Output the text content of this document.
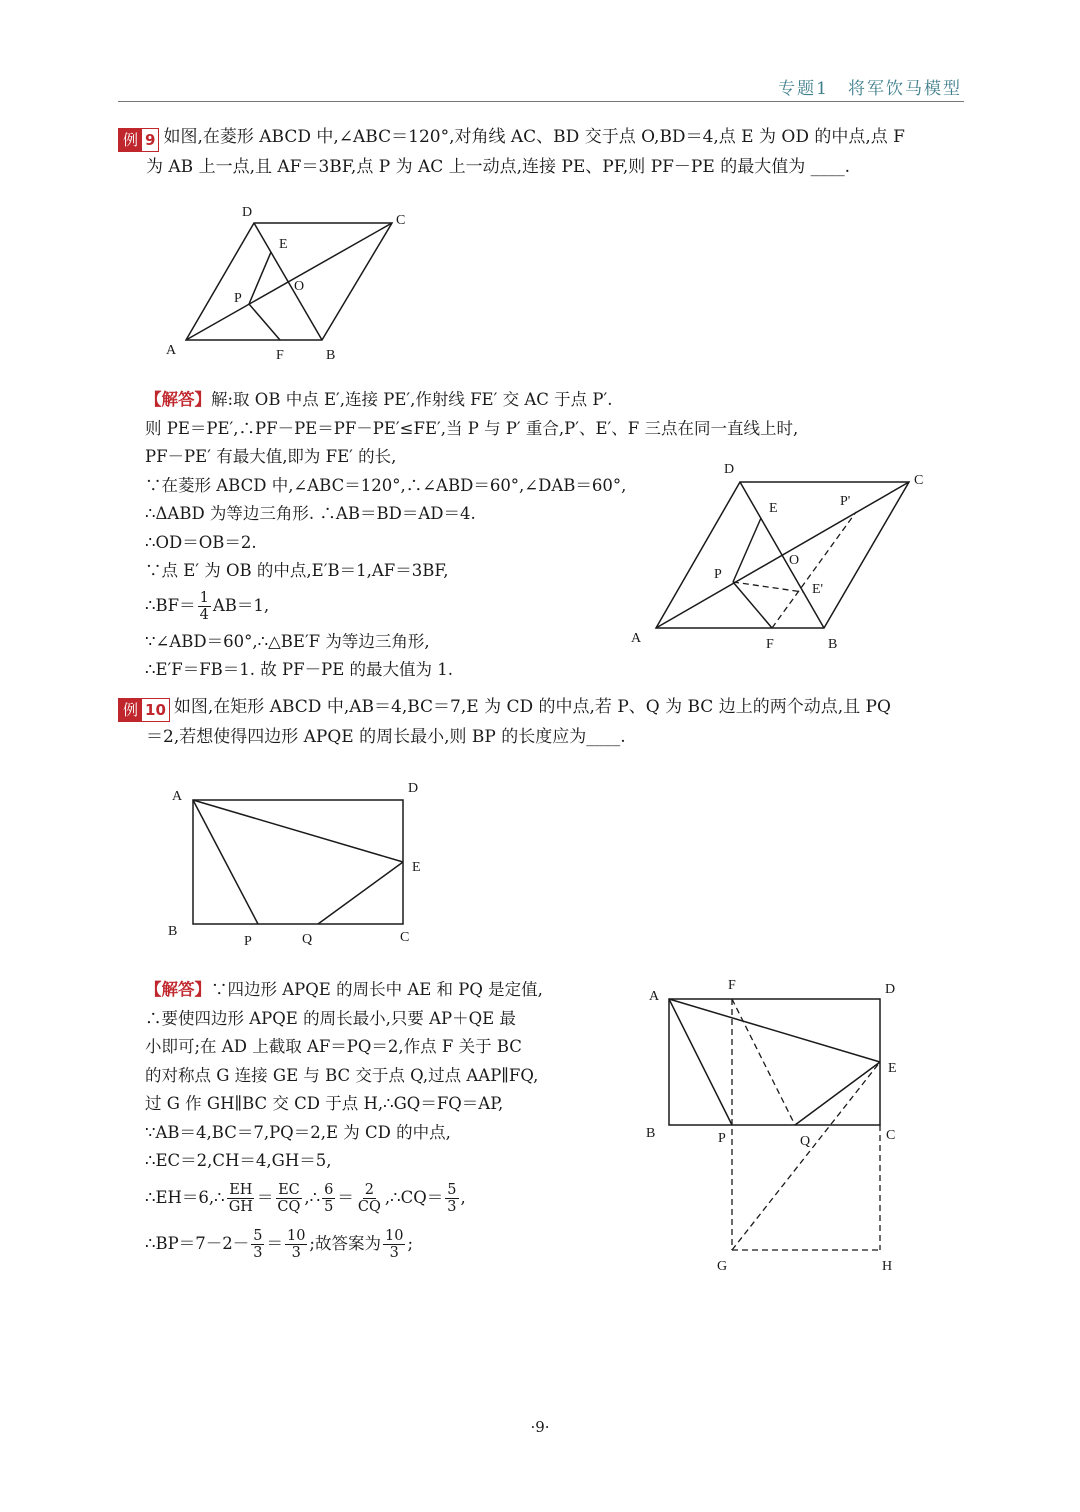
专题1　将军饮马模型
例 9 如图,在菱形 ABCD 中,∠ABC＝120°,对角线 AC、BD 交于点 O,BD＝4,点 E 为 OD 的中点,点 F
为 AB 上一点,且 AF＝3BF,点 P 为 AC 上一动点,连接 PE、PF,则 PF－PE 的最大值为 ____.
A	B
C
D
E
F
O
P
【解答】解:取 OB 中点 E′,连接 PE′,作射线 FE′ 交 AC 于点 P′.
则 PE＝PE′,∴PF－PE＝PF－PE′≤FE′,当 P 与 P′ 重合,P′、E′、F 三点在同一直线上时,
PF－PE′ 有最大值,即为 FE′ 的长,
∵在菱形 ABCD 中,∠ABC＝120°,∴∠ABD＝60°,∠DAB＝60°,
∴ΔABD 为等边三角形. ∴AB＝BD＝AD＝4.
∴OD＝OB＝2.
∵点 E′ 为 OB 的中点,E′B＝1,AF＝3BF,
∴BF＝ $\frac{1}{4} AB=1$,
∵∠ABD＝60°,∴△BE′F 为等边三角形,
∴E′F＝FB＝1. 故 PF－PE 的最大值为 1.
A	B
C
D
E
F
O
P
P'
E'
例 10 如图,在矩形 ABCD 中,AB＝4,BC＝7,E 为 CD 的中点,若 P、Q 为 BC 边上的两个动点,且 PQ
＝2,若想使得四边形 APQE 的周长最小,则 BP 的长度应为____.
A
B	C
D
E
P	Q
【解答】∵四边形 APQE 的周长中 AE 和 PQ 是定值,
∴要使四边形 APQE 的周长最小,只要 AP＋QE 最
小即可;在 AD 上截取 AF＝PQ＝2,作点 F 关于 BC
的对称点 G 连接 GE 与 BC 交于点 Q,过点 AAP∥FQ,
过 G 作 GH∥BC 交 CD 于点 H,∴GQ＝FQ＝AP,
∵AB＝4,BC＝7,PQ＝2,E 为 CD 的中点,
∴EC＝2,CH＝4,GH＝5,
∴EH＝6,∴ $\frac{EH}{GH} = \frac{EC}{CQ}$ ,∴ $\frac{6}{5} = \frac{2}{CQ}$ ,∴CQ＝ $\frac{5}{3}$ ,
∴BP＝7－2－ $\frac{5}{3} = \frac{10}{3}$ ;故答案为 $\frac{10}{3}$ ;
A
B	C
D
E
F
G	H
P	Q
·9·
